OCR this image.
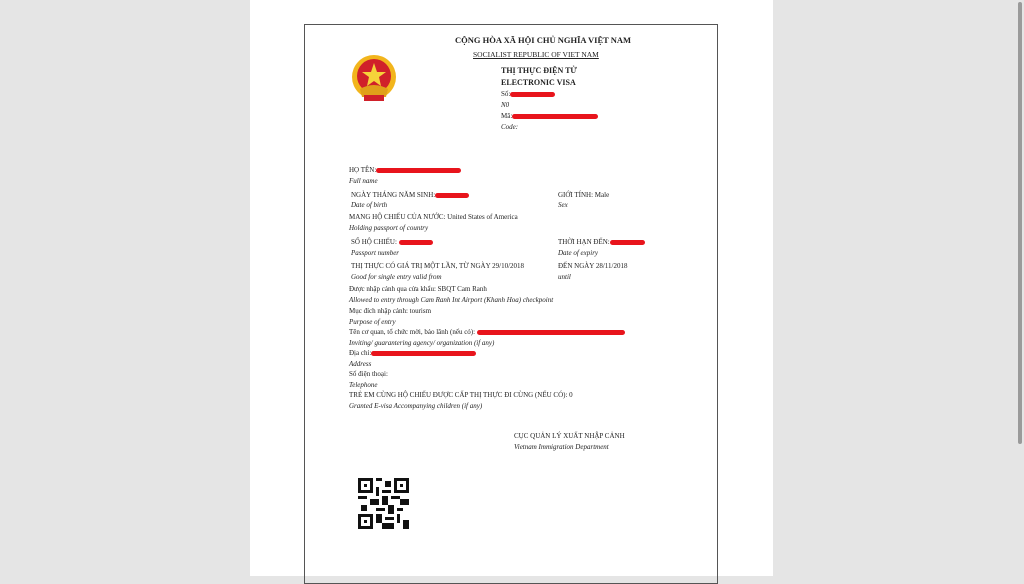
CỘNG HÒA XÃ HỘI CHỦ NGHĨA VIỆT NAM
SOCIALIST REPUBLIC OF VIET NAM
THỊ THỰC ĐIỆN TỬ
ELECTRONIC VISA
Số:
N0
Mã:
Code:
HỌ TÊN:
Full name
NGÀY THÁNG NĂM SINH:	GIỚI TÍNH: Male
Date of birth	Sex
MANG HỘ CHIẾU CỦA NƯỚC: United States of America
Holding passport of country
SỐ HỘ CHIẾU:	THỜI HẠN ĐẾN:
Passport number	Date of expiry
THỊ THỰC CÓ GIÁ TRỊ MỘT LẦN, TỪ NGÀY 29/10/2018	ĐẾN NGÀY 28/11/2018
Good for single entry valid from	until
Được nhập cảnh qua cửa khẩu: SBQT Cam Ranh
Allowed to entry through Cam Ranh Int Airport (Khanh Hoa) checkpoint
Mục đích nhập cảnh: tourism
Purpose of entry
Tên cơ quan, tổ chức mời, bảo lãnh (nếu có):
Inviting/ guarantering agency/ organization (if any)
Địa chỉ:
Address
Số điện thoại:
Telephone
TRẺ EM CÙNG HỘ CHIẾU ĐƯỢC CẤP THỊ THỰC ĐI CÙNG (NẾU CÓ): 0
Granted E-visa Accompanying children (if any)
CỤC QUẢN LÝ XUẤT NHẬP CẢNH
Vietnam Immigration Department
